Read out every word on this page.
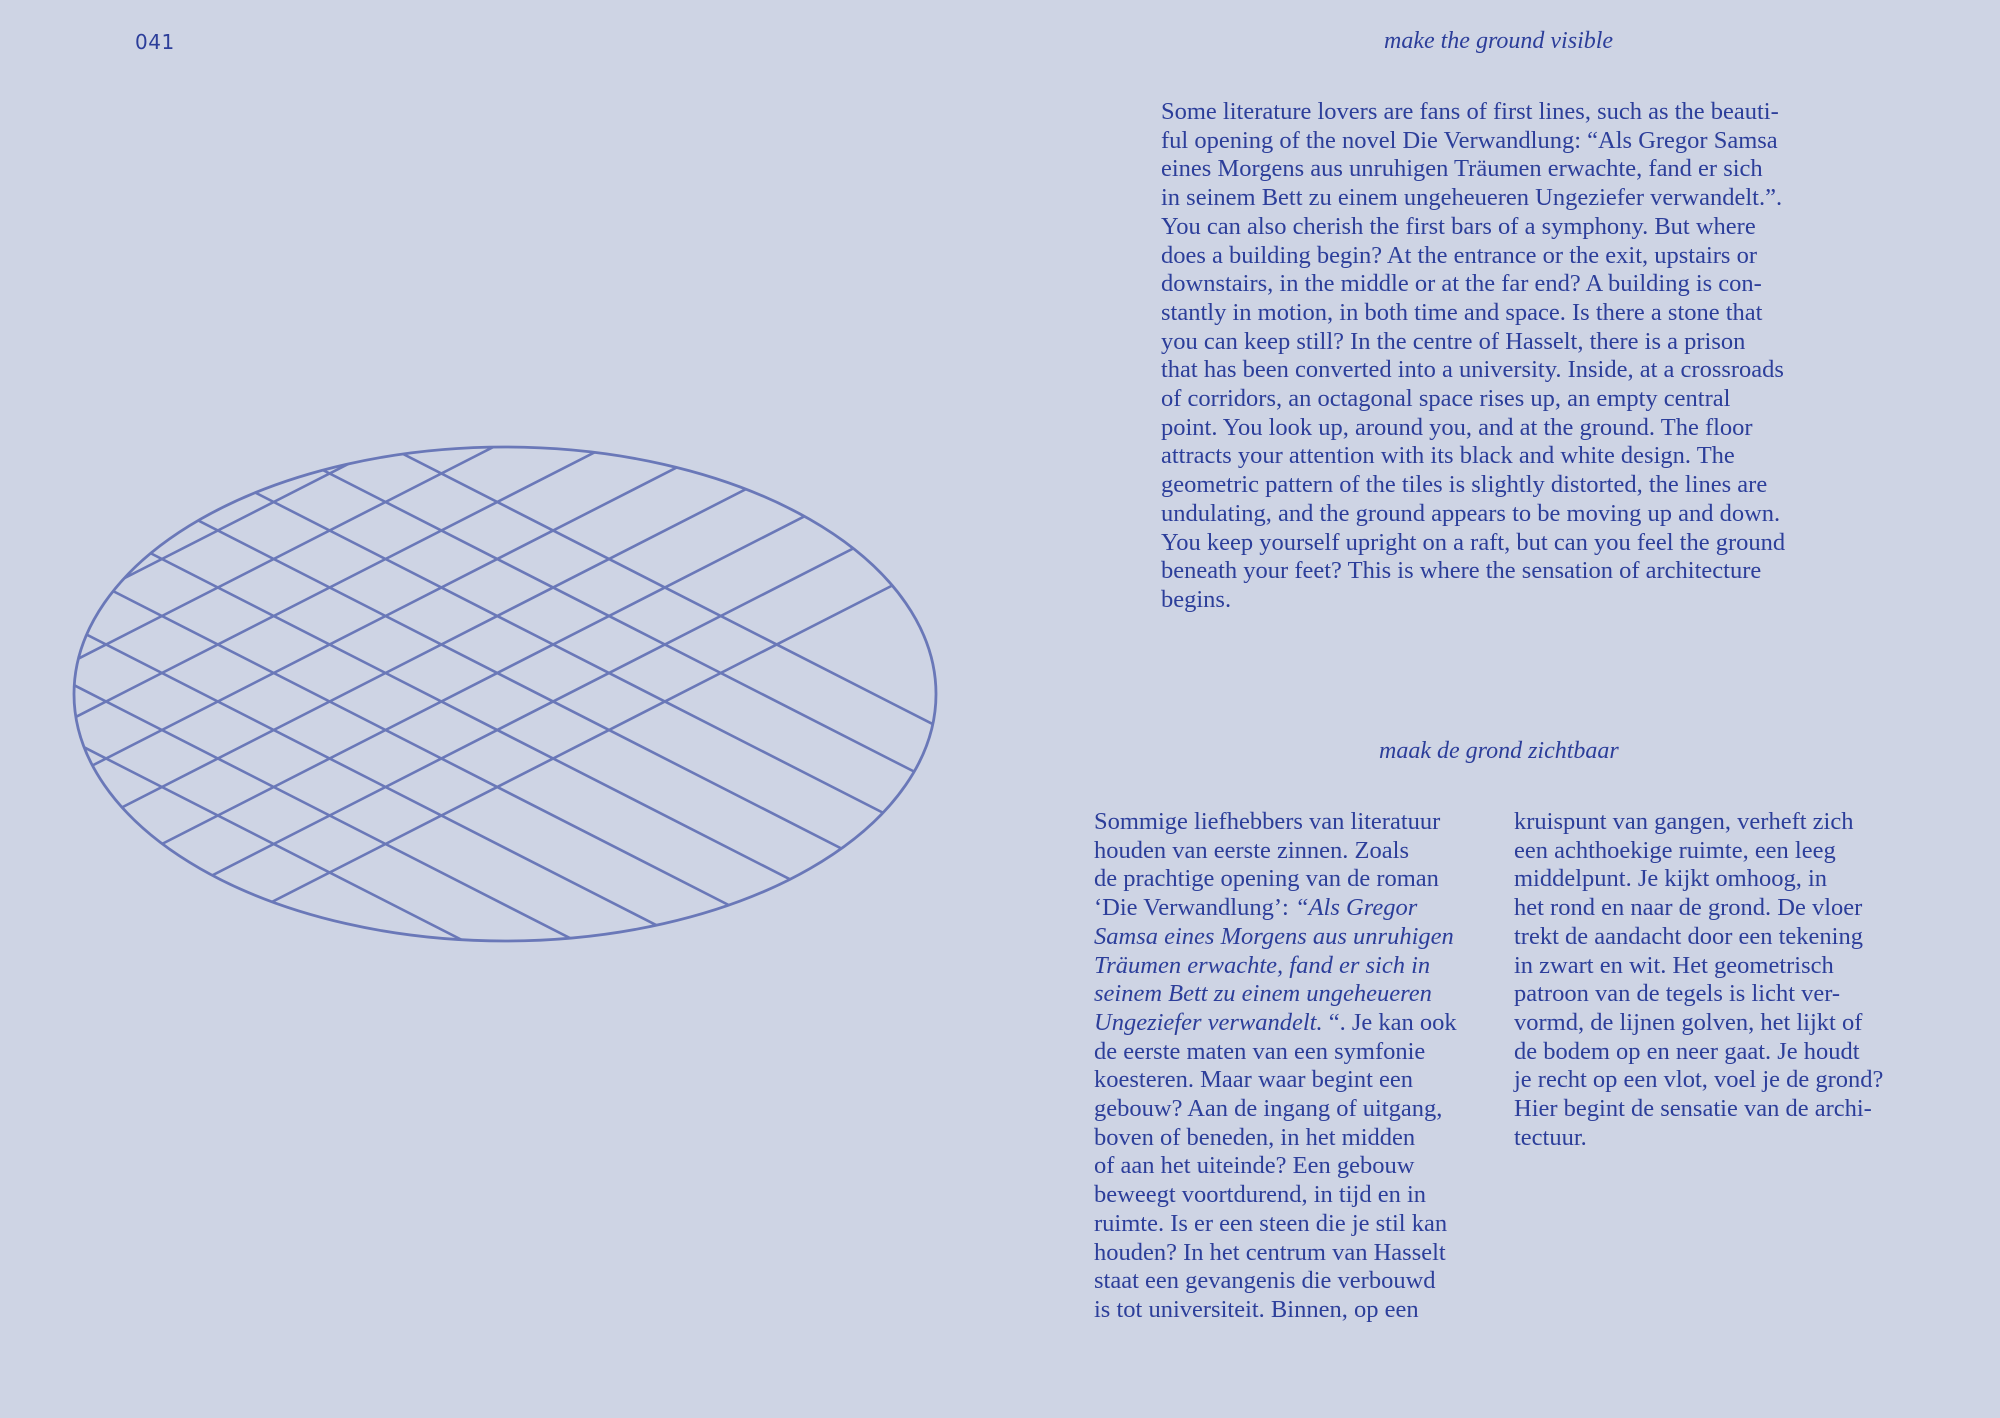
041	make the ground visible
Some literature lovers are fans of first lines, such as the beauti-
ful opening of the novel Die Verwandlung: “Als Gregor Samsa
eines Morgens aus unruhigen Träumen erwachte, fand er sich
in seinem Bett zu einem ungeheueren Ungeziefer verwandelt.”.
You can also cherish the first bars of a symphony. But where
does a building begin? At the entrance or the exit, upstairs or
downstairs, in the middle or at the far end? A building is con-
stantly in motion, in both time and space. Is there a stone that
you can keep still? In the centre of Hasselt, there is a prison
that has been converted into a university. Inside, at a crossroads
of corridors, an octagonal space rises up, an empty central
point. You look up, around you, and at the ground. The floor
attracts your attention with its black and white design. The
geometric pattern of the tiles is slightly distorted, the lines are
undulating, and the ground appears to be moving up and down.
You keep yourself upright on a raft, but can you feel the ground
beneath your feet? This is where the sensation of architecture
begins.
maak de grond zichtbaar
Sommige liefhebbers van literatuur
houden van eerste zinnen. Zoals
de prachtige opening van de roman
‘Die Verwandlung’: “Als Gregor
Samsa eines Morgens aus unruhigen
Träumen erwachte, fand er sich in
seinem Bett zu einem ungeheueren
Ungeziefer verwandelt. “. Je kan ook
de eerste maten van een symfonie
koesteren. Maar waar begint een
gebouw? Aan de ingang of uitgang,
boven of beneden, in het midden
of aan het uiteinde? Een gebouw
beweegt voortdurend, in tijd en in
ruimte. Is er een steen die je stil kan
houden? In het centrum van Hasselt
staat een gevangenis die verbouwd
is tot universiteit. Binnen, op een
kruispunt van gangen, verheft zich
een achthoekige ruimte, een leeg
middelpunt. Je kijkt omhoog, in
het rond en naar de grond. De vloer
trekt de aandacht door een tekening
in zwart en wit. Het geometrisch
patroon van de tegels is licht ver-
vormd, de lijnen golven, het lijkt of
de bodem op en neer gaat. Je houdt
je recht op een vlot, voel je de grond?
Hier begint de sensatie van de archi-
tectuur.
